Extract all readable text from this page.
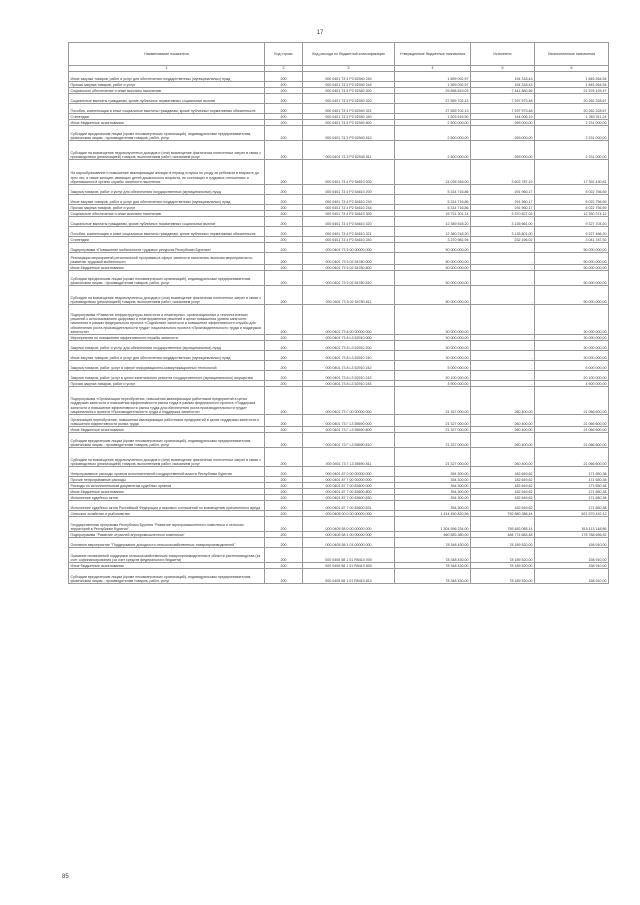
17
Наименование показателя	Код строки	Код расхода по бюджетной классификации	Утвержденные бюджетные назначения	Исполнено	Неисполненные назначения
1	2	3	4	5	6
Иные закупки товаров, работ и услуг для обеспечения государственных (муниципальных) нужд	200	000 0401 73 3 P3 52940 240	1 899 092,97	154 318,43	1 845 264,54
Прочая закупка товаров, работ и услуг	200	000 0401 73 3 P3 52940 244	1 899 092,97	154 318,43	1 845 264,54
Социальное обеспечение и иные выплаты населению	200	000 0401 73 3 P3 52940 300	29 658 819,03	7 441 880,56	21 576 125,47
Социальные выплаты гражданам, кроме публичных нормативных социальных выплат	200	000 0401 73 3 P3 52940 320	27 559 702,13	7 297 973,48	20 262 228,67
Пособия, компенсации и иные социальные выплаты гражданам, кроме публичных нормативных обязательств	200	000 0401 73 3 P3 52940 321	27 559 702,13	7 297 973,48	20 262 228,67
Стипендии	200	000 0401 73 3 P3 52940 340	1 503 516,90	144 006,19	1 363 011,24
Иные бюджетные ассигнования	200	000 0401 73 3 P3 52940 800	2 500 000,00	269 000,00	2 231 000,00
Субсидии юридическим лицам (кроме некоммерческих организаций), индивидуальным предпринимателям, физическим лицам - производителям товаров, работ, услуг	200	000 0401 73 3 P3 52940 810	2 500 000,00	269 000,00	2 231 000,00
Субсидии на возмещение недополученных доходов и (или) возмещение фактически понесенных затрат в связи с производством (реализацией) товаров, выполнением работ, оказанием услуг	200	000 0401 73 3 P3 52940 811	2 500 000,00	269 000,00	2 231 000,00
На парообразование и повышение квалификации женщин в период отпуска по уходу за ребенком в возрасте до трех лет, а также женщин, имеющих детей дошкольного возраста, не состоящих в трудовых отношениях и обратившихся в органы службы занятости населения	200	000 0401 73 4 P2 54610 000	21 035 918,00	3 602 787,19	17 392 430,81
Закупка товаров, работ и услуг для обеспечения государственных (муниципальных) нужд	200	000 0401 73 4 P2 54610 200	5 314 716,86	291 960,17	5 022 756,69
Иные закупки товаров, работ и услуг для обеспечения государственных (муниципальных) нужд	200	000 0401 73 4 P2 54610 240	5 314 716,86	291 960,17	5 022 756,69
Прочая закупка товаров, работ и услуг	200	000 0401 73 4 P2 54610 244	5 314 716,86	291 960,17	5 022 756,69
Социальное обеспечение и иные выплаты населению	200	000 0401 73 4 P2 54610 300	15 721 201,14	3 370 827,02	12 350 374,12
Социальные выплаты гражданам, кроме публичных нормативных социальных выплат	200	000 0401 73 4 P2 54610 320	12 389 518,20	3 135 661,00	9 327 704,20
Пособия, компенсации и иные социальные выплаты гражданам, кроме публичных нормативных обязательств	200	000 0401 73 4 P2 54610 321	12 360 218,20	3 135 801,00	9 227 466,20
Стипендии	200	000 0401 73 4 P2 54610 340	3 270 982,94	232 196,02	3 041 787,92
Подпрограмма «Повышение мобильности трудовых ресурсов Республики Бурятия»	200	000 0401 73 5 00 00000 000	50 000 000,00	-	50 000 000,00
Реализация мероприятий региональной программы в сфере занятости населения, включая мероприятия по развитию трудовой мобильности	200	000 0401 73 5 02 54780 000	50 000 000,00	-	50 000 000,00
Иные бюджетные ассигнования	200	000 0401 73 5 02 54780 800	50 000 000,00	-	50 000 000,00
Субсидии юридическим лицам (кроме некоммерческих организаций), индивидуальным предпринимателям, физическим лицам - производителям товаров, работ, услуг	200	000 0401 73 5 02 54780 810	50 000 000,00	-	50 000 000,00
Субсидии на возмещение недополученных доходов и (или) возмещение фактически понесенных затрат в связи с производством (реализацией) товаров, выполнением работ, оказанием услуг	200	000 0401 73 5 02 54780 811	50 000 000,00	-	50 000 000,00
Подпрограмма «Развитие инфраструктуры занятости и инженерных, организационных и технологических решений с использованием цифровых и платформенных решений в целях повышения уровня занятости населения в рамках федерального проекта «Содействие занятости и повышение эффективности службы для обеспечения роста производительности труда» национального проекта «Производительность труда и поддержка занятости»	200	000 0401 73 8 00 00000 000	30 000 000,00	-	30 000 000,00
Мероприятия по повышению эффективности службы занятости	200	000 0401 73 8 L3 52910 000	30 000 000,00	-	30 000 000,00
Закупка товаров, работ и услуг для обеспечения государственных (муниципальных) нужд	200	000 0401 73 8 L3 52910 200	30 000 000,00	-	30 000 000,00
Иные закупки товаров, работ и услуг для обеспечения государственных (муниципальных) нужд	200	000 0401 73 8 L3 52910 240	30 000 000,00	-	30 000 000,00
Закупка товаров, работ, услуг в сфере информационно-коммуникационных технологий	200	000 0401 73 8 L3 52910 242	5 000 000,00	-	5 000 000,00
Закупка товаров, работ, услуг в целях капитального ремонта государственного (муниципального) имущества	200	000 0401 73 8 L3 52910 243	20 100 000,00	-	20 100 000,00
Прочая закупка товаров, работ и услуг	200	000 0401 73 8 L3 52910 244	4 900 000,00	-	4 900 000,00
Подпрограмма «Организация переобучения, повышения квалификации работников предприятий в целях поддержки занятости и повышения эффективности рынка труда в рамках федерального проекта «Поддержка занятости и повышение эффективности рынка труда для обеспечения роста производительности труда» национального проекта «Производительность труда и поддержка занятости»	200	000 0401 73 Г 00 00000 000	21 327 000,00	260 400,00	21 066 600,00
Организация переобучения, повышения квалификации работников предприятий в целях поддержки занятости и повышения эффективности рынка труда	200	000 0401 73 Г L3 55690 000	21 327 000,00	260 400,00	21 066 600,00
Иные бюджетные ассигнования	200	000 0401 73 Г L3 55690 800	21 327 000,00	260 400,00	21 066 600,00
Субсидии юридическим лицам (кроме некоммерческих организаций), индивидуальным предпринимателям, физическим лицам - производителям товаров, работ, услуг	200	000 0401 73 Г L3 55690 810	21 327 000,00	260 400,00	21 066 600,00
Субсидии на возмещение недополученных доходов и (или) возмещение фактически понесенных затрат в связи с производством (реализацией) товаров, выполнением работ, оказанием услуг	200	000 0401 73 Г L3 55690 811	21 327 000,00	260 400,00	21 066 600,00
Непрограммные расходы органов исполнительной государственной власти Республики Бурятия	200	000 0401 87 0 00 00000 000	354 300,00	182 649,62	171 650,38
Прочие непрограммные расходы	200	000 0401 87 7 00 00000 000	354 300,00	182 649,62	171 650,38
Расходы по исполнительным документам судебных органов	200	000 0401 87 7 00 83600 000	354 300,00	182 649,62	171 650,38
Иные бюджетные ассигнования	200	000 0401 87 7 00 83600 800	354 300,00	182 649,62	171 650,38
Исполнение судебных актов	200	000 0401 87 7 00 83600 830	354 300,00	182 649,62	171 650,38
Исполнение судебных актов Российской Федерации и мировых соглашений по возмещению причиненного вреда	200	000 0401 87 7 00 83600 831	354 300,00	182 649,62	171 650,38
Сельское хозяйство и рыболовство	200	000 0405 00 0 00 00000 000	1 414 450 820,56	792 880 388,44	621 570 432,12
Государственная программа Республики Бурятия "Развитие агропромышленного комплекса и сельских территорий в Республике Бурятия"	200	000 0405 58 0 00 00000 000	1 304 596 234,00	789 483 085,14	515 113 148,86
Подпрограмма "Развитие отраслей агропромышленного комплекса"	200	000 0405 58 1 00 00000 000	660 583 380,00	484 774 683,48	175 788 696,52
Основное мероприятие "Поддержание доходности сельскохозяйственных товаропроизводителей"	200	000 0405 58 1 01 00000 000	78 348 430,00	78 189 520,00	158 910,00
Оказание несвязанной поддержки сельскохозяйственным товаропроизводителям в области растениеводства (за счет софинансирования (за счет средств федерального бюджета)	200	000 0405 58 1 01 R5410 000	78 348 430,00	78 189 520,00	158 910,00
Иные бюджетные ассигнования	200	000 0405 58 1 01 R5410 800	78 348 430,00	78 189 520,00	158 910,00
Субсидии юридическим лицам (кроме некоммерческих организаций), индивидуальным предпринимателям, физическим лицам - производителям товаров, работ, услуг	200	000 0405 58 1 01 R5410 810	78 348 430,00	78 189 520,00	158 910,00
85
